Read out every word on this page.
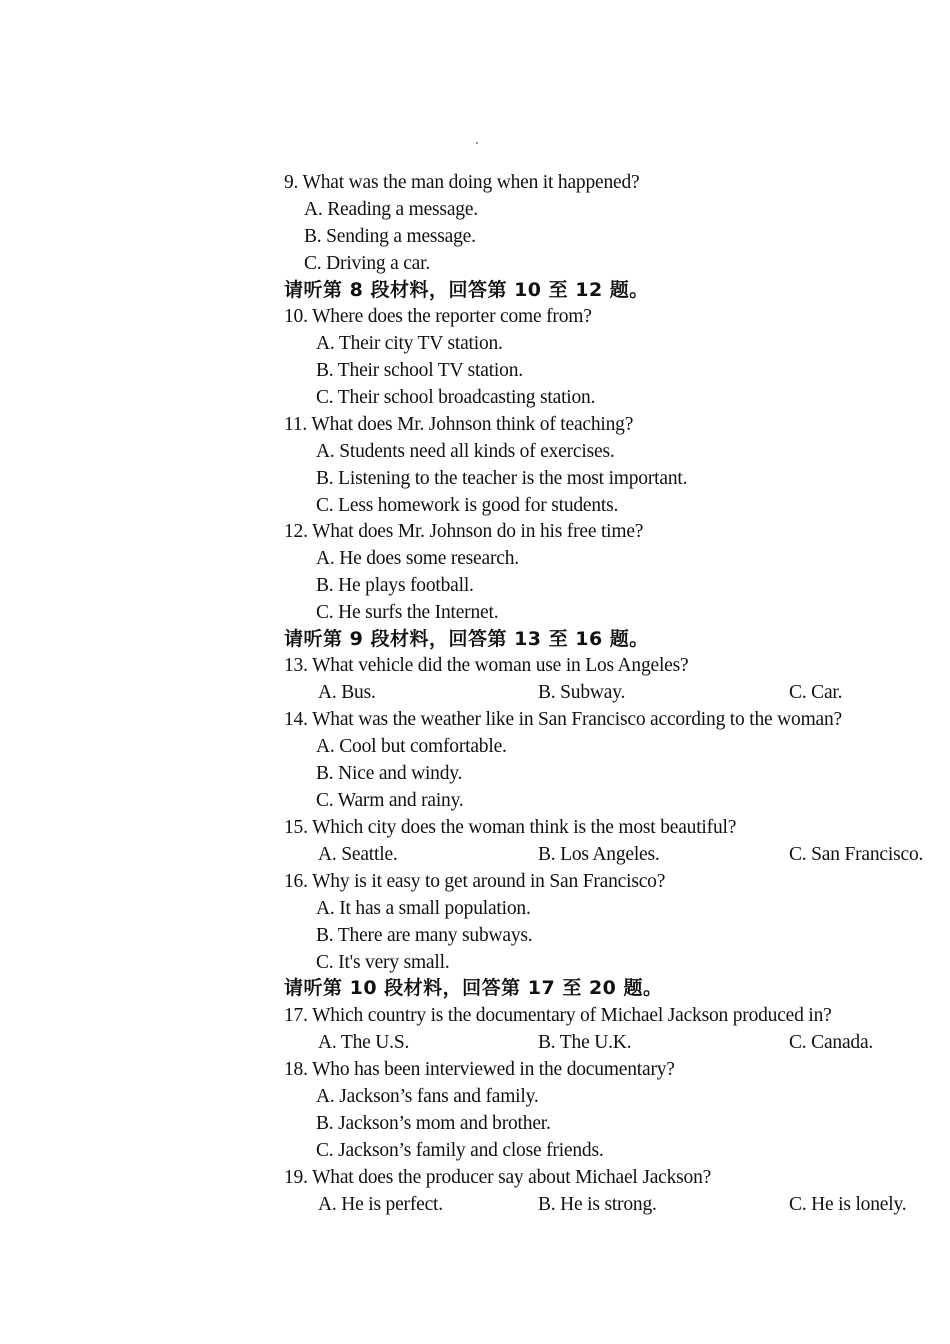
9. What was the man doing when it happened?
A. Reading a message.
B. Sending a message.
C. Driving a car.
请听第 8 段材料，回答第 10 至 12 题。
10. Where does the reporter come from?
A. Their city TV station.
B. Their school TV station.
C. Their school broadcasting station.
11. What does Mr. Johnson think of teaching?
A. Students need all kinds of exercises.
B. Listening to the teacher is the most important.
C. Less homework is good for students.
12. What does Mr. Johnson do in his free time?
A. He does some research.
B. He plays football.
C. He surfs the Internet.
请听第 9 段材料，回答第 13 至 16 题。
13. What vehicle did the woman use in Los Angeles?
A. Bus.	B. Subway.	C. Car.
14. What was the weather like in San Francisco according to the woman?
A. Cool but comfortable.
B. Nice and windy.
C. Warm and rainy.
15. Which city does the woman think is the most beautiful?
A. Seattle.	B. Los Angeles.	C. San Francisco.
16. Why is it easy to get around in San Francisco?
A. It has a small population.
B. There are many subways.
C. It's very small.
请听第 10 段材料，回答第 17 至 20 题。
17. Which country is the documentary of Michael Jackson produced in?
A. The U.S.	B. The U.K.	C. Canada.
18. Who has been interviewed in the documentary?
A. Jackson’s fans and family.
B. Jackson’s mom and brother.
C. Jackson’s family and close friends.
19. What does the producer say about Michael Jackson?
A. He is perfect.	B. He is strong.	C. He is lonely.
